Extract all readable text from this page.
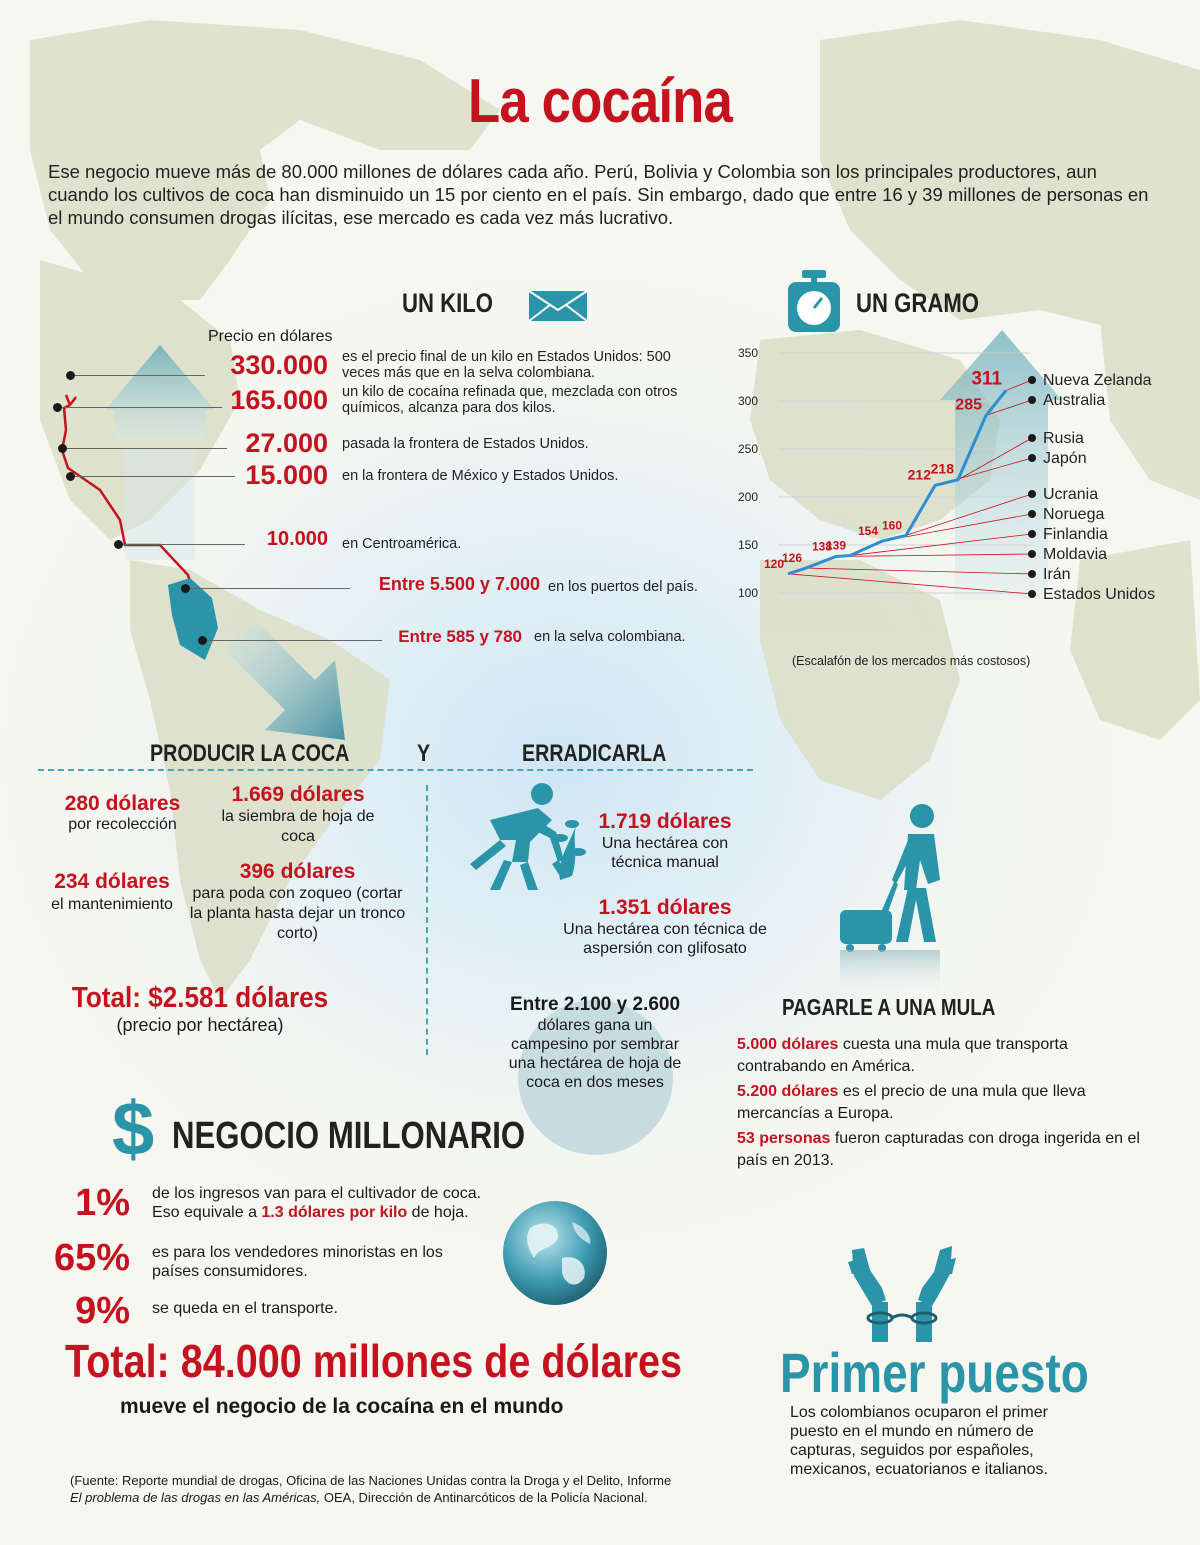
La cocaína
Ese negocio mueve más de 80.000 millones de dólares cada año. Perú, Bolivia y Colombia son los principales productores, aun cuando los cultivos de coca han disminuido un 15 por ciento en el país. Sin embargo, dado que entre 16 y 39 millones de personas en el mundo consumen drogas ilícitas, ese mercado es cada vez más lucrativo.
UN KILO
Precio en dólares
330.000 es el precio final de un kilo en Estados Unidos: 500 veces más que en la selva colombiana.
165.000 un kilo de cocaína refinada que, mezclada con otros químicos, alcanza para dos kilos.
27.000 pasada la frontera de Estados Unidos.
15.000 en la frontera de México y Estados Unidos.
10.000 en Centroamérica.
Entre 5.500 y 7.000 en los puertos del país.
Entre 585 y 780 en la selva colombiana.
UN GRAMO
100
150
200
250
300
350
Estados Unidos
Irán
Moldavia
Finlandia
Noruega
Ucrania
Japón
Rusia
Australia
Nueva Zelanda
120
126
138
139
154 160
212 218
285
311
(Escalafón de los mercados más costosos)
PRODUCIR LA COCA	Y	ERRADICARLA
280 dólares
por recolección
234 dólares
el mantenimiento
1.669 dólares
la siembra de hoja de coca
396 dólares
para poda con zoqueo (cortar la planta hasta dejar un tronco corto)
Total: $2.581 dólares
(precio por hectárea)
1.719 dólares
Una hectárea con técnica manual
1.351 dólares
Una hectárea con técnica de aspersión con glifosato
Entre 2.100 y 2.600
dólares gana un campesino por sembrar una hectárea de hoja de coca en dos meses
PAGARLE A UNA MULA
5.000 dólares cuesta una mula que transporta contrabando en América.
5.200 dólares es el precio de una mula que lleva mercancías a Europa.
53 personas fueron capturadas con droga ingerida en el país en 2013.
$ NEGOCIO MILLONARIO
1% de los ingresos van para el cultivador de coca.
Eso equivale a 1.3 dólares por kilo de hoja.
65% es para los vendedores minoristas en los
países consumidores.
9% se queda en el transporte.
Total: 84.000 millones de dólares
mueve el negocio de la cocaína en el mundo
Primer puesto
Los colombianos ocuparon el primer puesto en el mundo en número de capturas, seguidos por españoles, mexicanos, ecuatorianos e italianos.
(Fuente: Reporte mundial de drogas, Oficina de las Naciones Unidas contra la Droga y el Delito, Informe
El problema de las drogas en las Américas, OEA, Dirección de Antinarcóticos de la Policía Nacional.
